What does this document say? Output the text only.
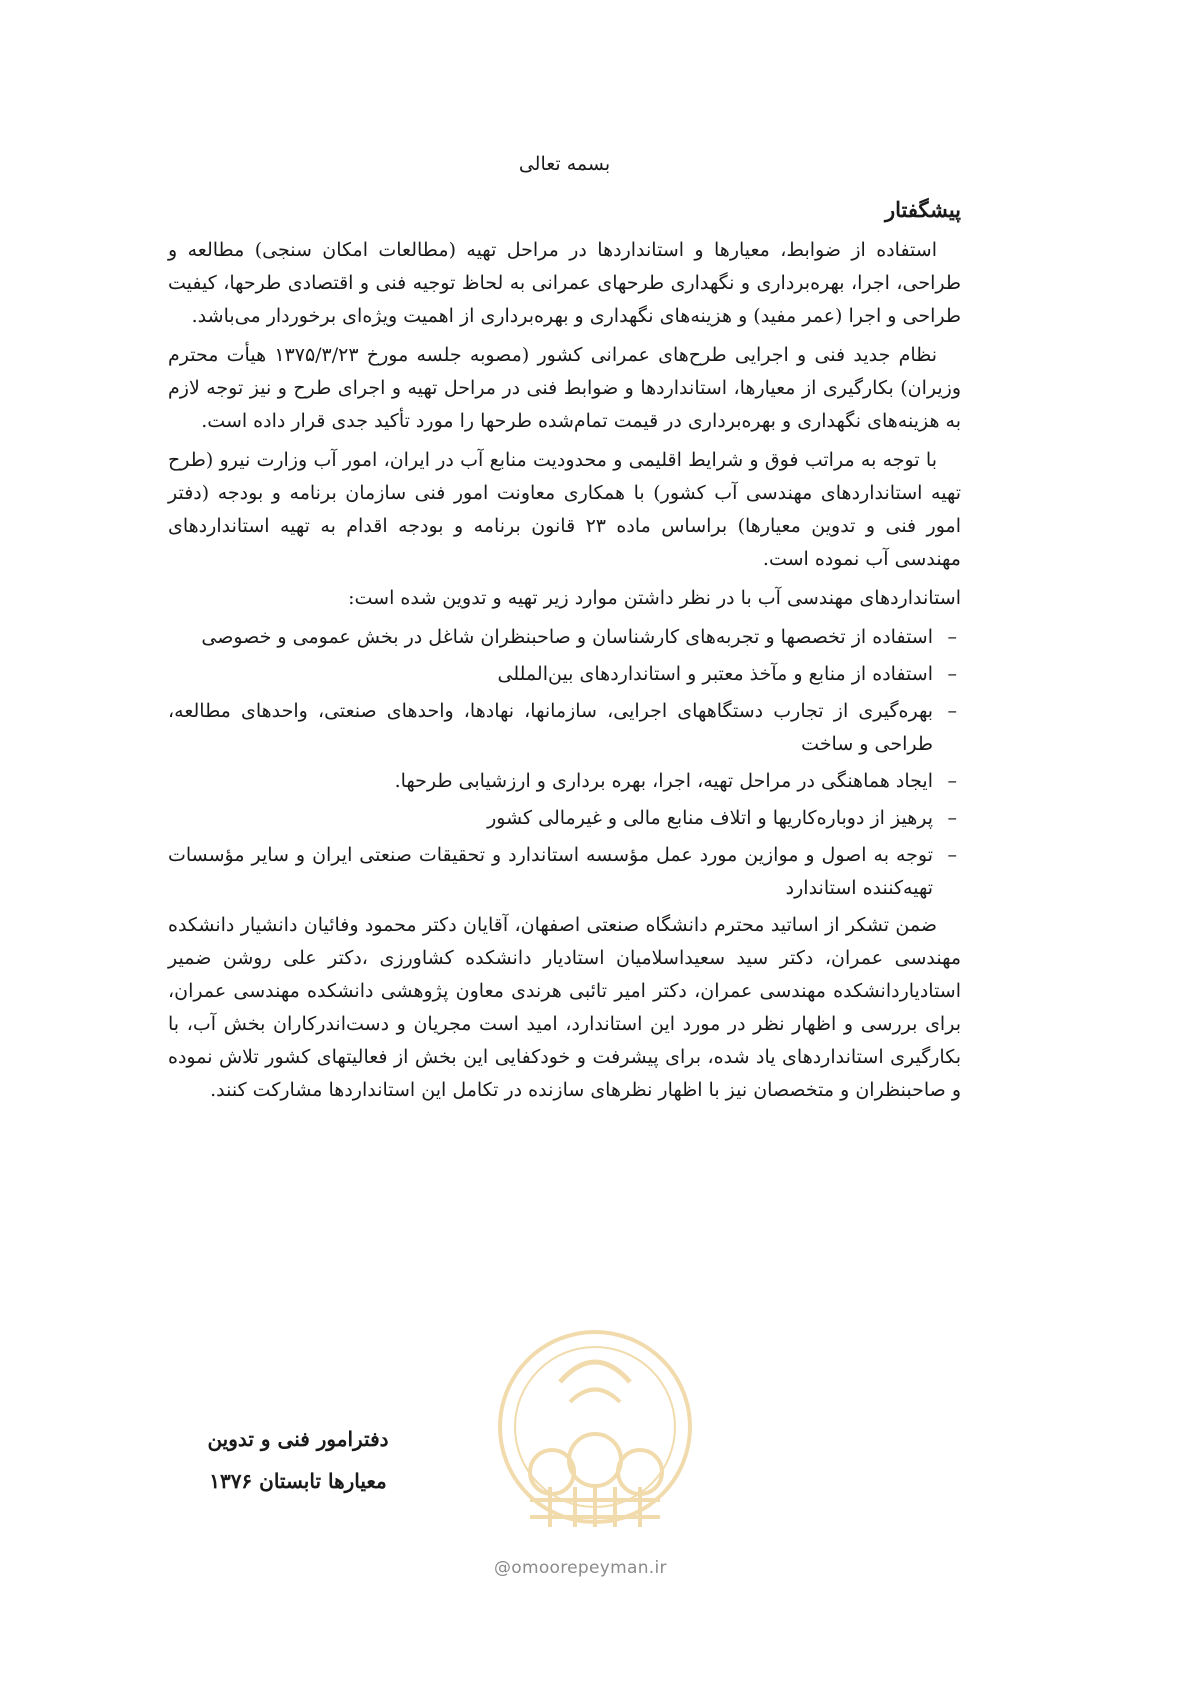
بسمه تعالی
پیشگفتار

استفاده از ضوابط، معیارها و استانداردها در مراحل تهیه (مطالعات امکان سنجی) مطالعه و طراحی، اجرا، بهره‌برداری و نگهداری طرحهای عمرانی به لحاظ توجیه فنی و اقتصادی طرحها، کیفیت طراحی و اجرا (عمر مفید) و هزینه‌های نگهداری و بهره‌برداری از اهمیت ویژه‌ای برخوردار می‌باشد.

نظام جدید فنی و اجرایی طرح‌های عمرانی کشور (مصوبه جلسه مورخ ۱۳۷۵/۳/۲۳ هیأت محترم وزیران) بکارگیری از معیارها، استانداردها و ضوابط فنی در مراحل تهیه و اجرای طرح و نیز توجه لازم به هزینه‌های نگهداری و بهره‌برداری در قیمت تمام‌شده طرحها را مورد تأکید جدی قرار داده است.

با توجه به مراتب فوق و شرایط اقلیمی و محدودیت منابع آب در ایران، امور آب وزارت نیرو (طرح تهیه استانداردهای مهندسی آب کشور) با همکاری معاونت امور فنی سازمان برنامه و بودجه (دفتر امور فنی و تدوین معیارها) براساس ماده ۲۳ قانون برنامه و بودجه اقدام به تهیه استانداردهای مهندسی آب نموده است.

استانداردهای مهندسی آب با در نظر داشتن موارد زیر تهیه و تدوین شده است:

–
استفاده از تخصصها و تجربه‌های کارشناسان و صاحبنظران شاغل در بخش عمومی و خصوصی
–
استفاده از منابع و مآخذ معتبر و استانداردهای بین‌المللی
–
بهره‌گیری از تجارب دستگاههای اجرایی، سازمانها، نهادها، واحدهای صنعتی، واحدهای مطالعه، طراحی و ساخت
–
ایجاد هماهنگی در مراحل تهیه، اجرا، بهره برداری و ارزشیابی طرحها.
–
پرهیز از دوباره‌کاریها و اتلاف منابع مالی و غیرمالی کشور
–
توجه به اصول و موازین مورد عمل مؤسسه استاندارد و تحقیقات صنعتی ایران و سایر مؤسسات تهیه‌کننده استاندارد

ضمن تشکر از اساتید محترم دانشگاه صنعتی اصفهان، آقایان دکتر محمود وفائیان دانشیار دانشکده مهندسی عمران، دکتر سید سعیداسلامیان استادیار دانشکده کشاورزی ،دکتر علی روشن ضمیر استادیاردانشکده مهندسی عمران، دکتر امیر تائبی هرندی معاون پژوهشی دانشکده مهندسی عمران، برای بررسی و اظهار نظر در مورد این استاندارد، امید است مجریان و دست‌اندرکاران بخش آب، با بکارگیری استانداردهای یاد شده، برای پیشرفت و خودکفایی این بخش از فعالیتهای کشور تلاش نموده و صاحبنظران و متخصصان نیز با اظهار نظرهای سازنده در تکامل این استانداردها مشارکت کنند.

دفترامور فنی و تدوین
معیارها تابستان ۱۳۷۶
@omoorepeyman.ir
